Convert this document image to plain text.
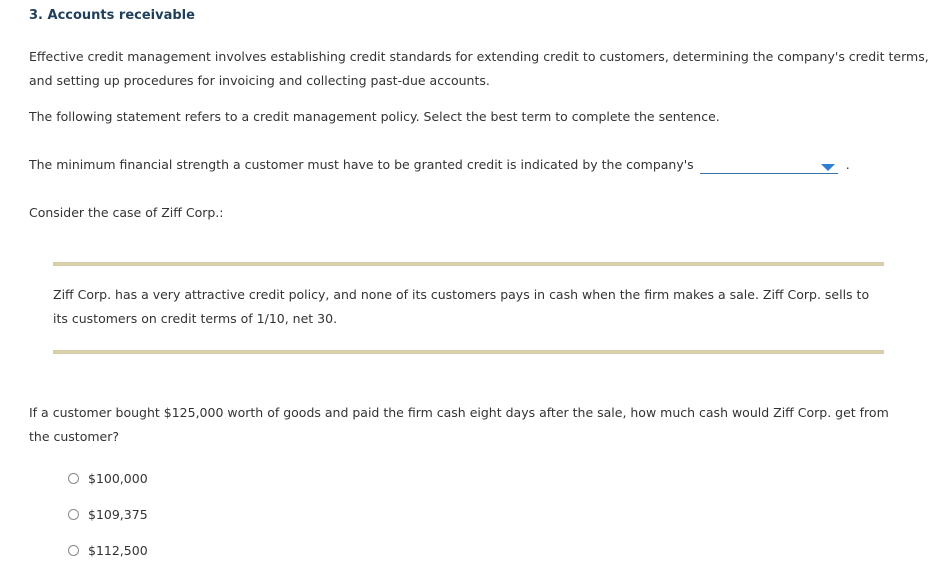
3. Accounts receivable

Effective credit management involves establishing credit standards for extending credit to customers, determining the company's credit terms, and setting up procedures for invoicing and collecting past-due accounts.

The following statement refers to a credit management policy. Select the best term to complete the sentence.

The minimum financial strength a customer must have to be granted credit is indicated by the company's	.

Consider the case of Ziff Corp.:

Ziff Corp. has a very attractive credit policy, and none of its customers pays in cash when the firm makes a sale. Ziff Corp. sells to its customers on credit terms of 1/10, net 30.

If a customer bought $125,000 worth of goods and paid the firm cash eight days after the sale, how much cash would Ziff Corp. get from the customer?

$100,000
$109,375
$112,500
